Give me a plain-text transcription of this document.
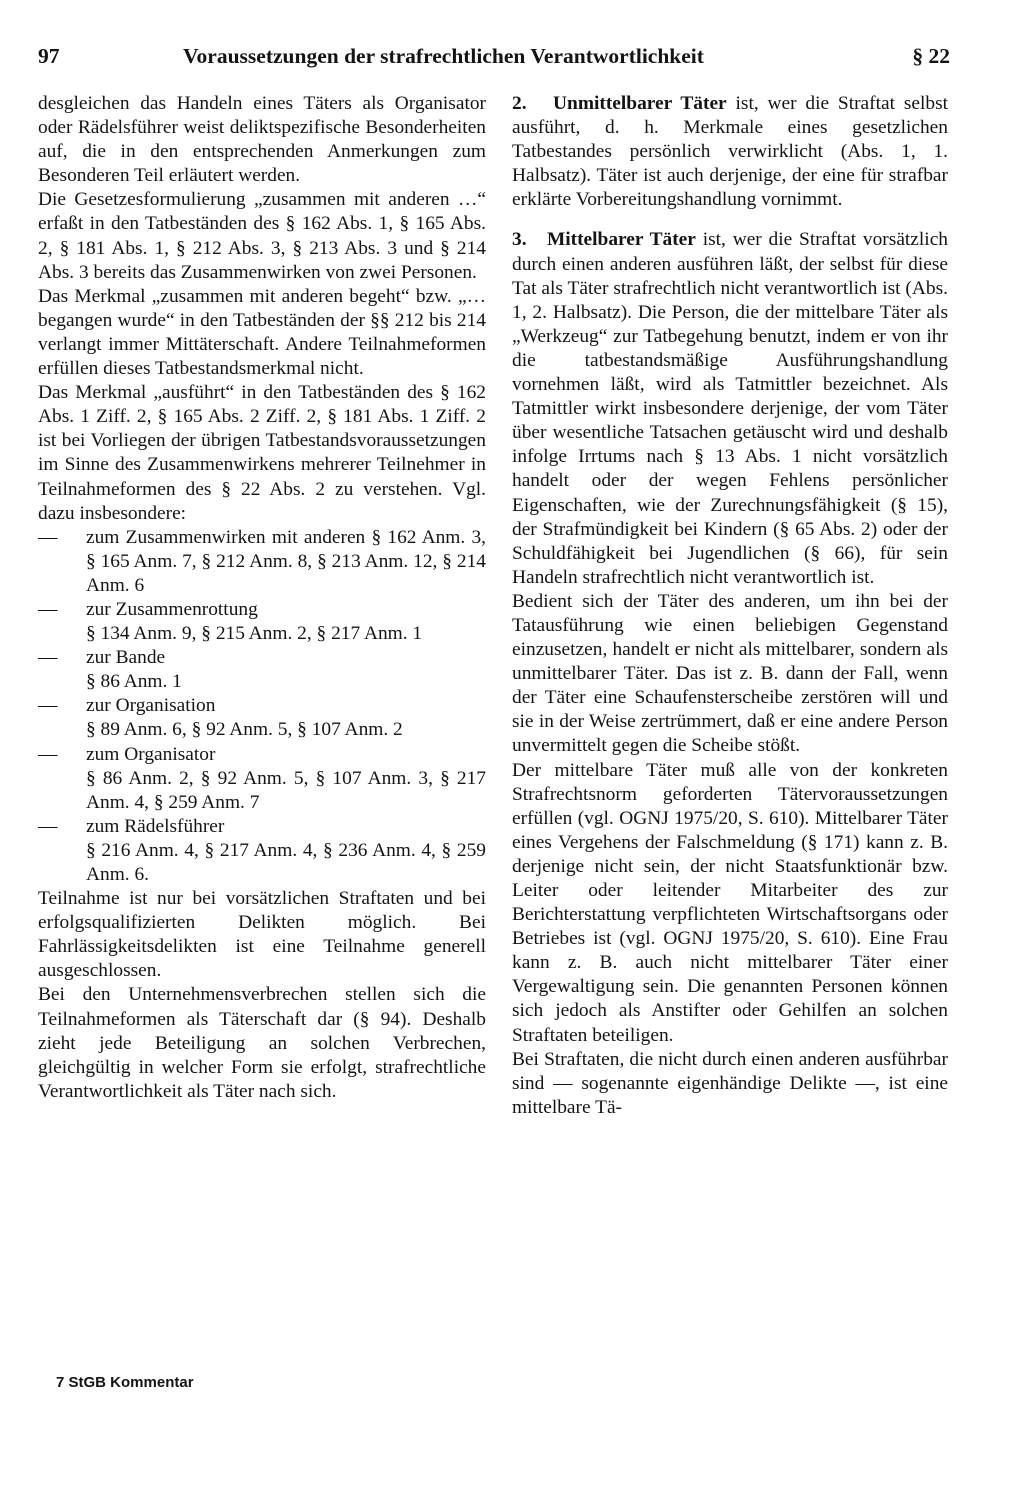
97	Voraussetzungen der strafrechtlichen Verantwortlichkeit	§ 22

desgleichen das Handeln eines Täters als Organisator oder Rädelsführer weist deliktspezifische Besonderheiten auf, die in den entsprechenden Anmerkungen zum Besonderen Teil erläutert werden.

Die Gesetzesformulierung „zusammen mit anderen …“ erfaßt in den Tatbeständen des § 162 Abs. 1, § 165 Abs. 2, § 181 Abs. 1, § 212 Abs. 3, § 213 Abs. 3 und § 214 Abs. 3 bereits das Zusammenwirken von zwei Personen.

Das Merkmal „zusammen mit anderen begeht“ bzw. „… begangen wurde“ in den Tatbeständen der §§ 212 bis 214 verlangt immer Mittäterschaft. Andere Teilnahmeformen erfüllen dieses Tatbestandsmerkmal nicht.

Das Merkmal „ausführt“ in den Tatbeständen des § 162 Abs. 1 Ziff. 2, § 165 Abs. 2 Ziff. 2, § 181 Abs. 1 Ziff. 2 ist bei Vorliegen der übrigen Tatbestandsvoraussetzungen im Sinne des Zusammenwirkens mehrerer Teilnehmer in Teilnahmeformen des § 22 Abs. 2 zu verstehen. Vgl. dazu insbesondere:

—	zum Zusammenwirken mit anderen § 162 Anm. 3, § 165 Anm. 7, § 212 Anm. 8, § 213 Anm. 12, § 214 Anm. 6
—	zur Zusammenrottung
§ 134 Anm. 9, § 215 Anm. 2, § 217 Anm. 1
—	zur Bande
§ 86 Anm. 1
—	zur Organisation
§ 89 Anm. 6, § 92 Anm. 5, § 107 Anm. 2
—	zum Organisator
§ 86 Anm. 2, § 92 Anm. 5, § 107 Anm. 3, § 217 Anm. 4, § 259 Anm. 7
—	zum Rädelsführer
§ 216 Anm. 4, § 217 Anm. 4, § 236 Anm. 4, § 259 Anm. 6.

Teilnahme ist nur bei vorsätzlichen Straftaten und bei erfolgsqualifizierten Delikten möglich. Bei Fahrlässigkeitsdelikten ist eine Teilnahme generell ausgeschlossen.

Bei den Unternehmensverbrechen stellen sich die Teilnahmeformen als Täterschaft dar (§ 94). Deshalb zieht jede Beteiligung an solchen Verbrechen, gleichgültig in welcher Form sie erfolgt, strafrechtliche Verantwortlichkeit als Täter nach sich.

2. Unmittelbarer Täter ist, wer die Straftat selbst ausführt, d. h. Merkmale eines gesetzlichen Tatbestandes persönlich verwirklicht (Abs. 1, 1. Halbsatz). Täter ist auch derjenige, der eine für strafbar erklärte Vorbereitungshandlung vornimmt.

3. Mittelbarer Täter ist, wer die Straftat vorsätzlich durch einen anderen ausführen läßt, der selbst für diese Tat als Täter strafrechtlich nicht verantwortlich ist (Abs. 1, 2. Halbsatz). Die Person, die der mittelbare Täter als „Werkzeug“ zur Tatbegehung benutzt, indem er von ihr die tatbestandsmäßige Ausführungshandlung vornehmen läßt, wird als Tatmittler bezeichnet. Als Tatmittler wirkt insbesondere derjenige, der vom Täter über wesentliche Tatsachen getäuscht wird und deshalb infolge Irrtums nach § 13 Abs. 1 nicht vorsätzlich handelt oder der wegen Fehlens persönlicher Eigenschaften, wie der Zurechnungsfähigkeit (§ 15), der Strafmündigkeit bei Kindern (§ 65 Abs. 2) oder der Schuldfähigkeit bei Jugendlichen (§ 66), für sein Handeln strafrechtlich nicht verantwortlich ist.

Bedient sich der Täter des anderen, um ihn bei der Tatausführung wie einen beliebigen Gegenstand einzusetzen, handelt er nicht als mittelbarer, sondern als unmittelbarer Täter. Das ist z. B. dann der Fall, wenn der Täter eine Schaufensterscheibe zerstören will und sie in der Weise zertrümmert, daß er eine andere Person unvermittelt gegen die Scheibe stößt.

Der mittelbare Täter muß alle von der konkreten Strafrechtsnorm geforderten Tätervoraussetzungen erfüllen (vgl. OGNJ 1975/20, S. 610). Mittelbarer Täter eines Vergehens der Falschmeldung (§ 171) kann z. B. derjenige nicht sein, der nicht Staatsfunktionär bzw. Leiter oder leitender Mitarbeiter des zur Berichterstattung verpflichteten Wirtschaftsorgans oder Betriebes ist (vgl. OGNJ 1975/20, S. 610). Eine Frau kann z. B. auch nicht mittelbarer Täter einer Vergewaltigung sein. Die genannten Personen können sich jedoch als Anstifter oder Gehilfen an solchen Straftaten beteiligen.

Bei Straftaten, die nicht durch einen anderen ausführbar sind — sogenannte eigenhändige Delikte —, ist eine mittelbare Tä-

7 StGB Kommentar
